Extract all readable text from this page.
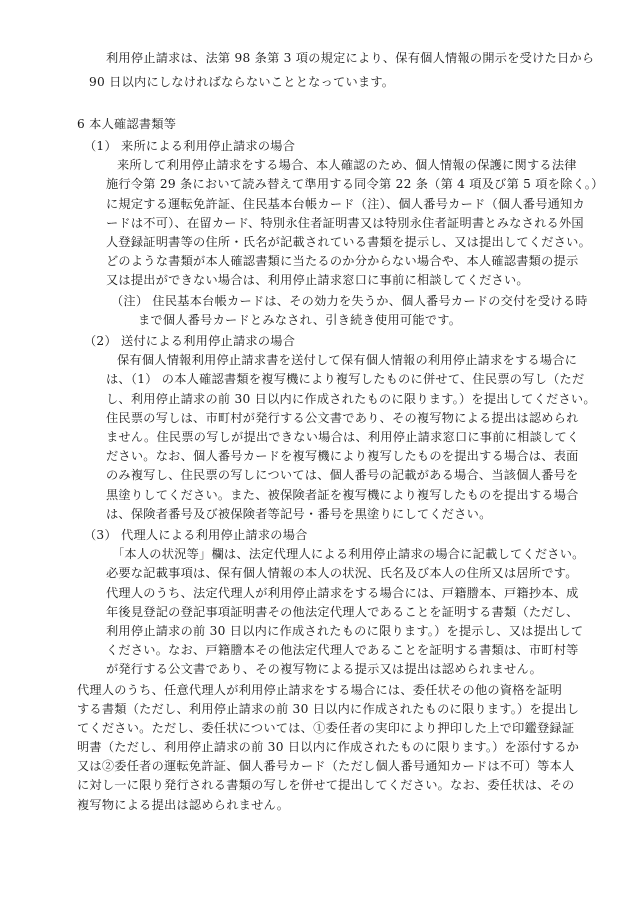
利用停止請求は、法第 98 条第 3 項の規定により、保有個人情報の開示を受けた日から
90 日以内にしなければならないこととなっています。
6 本人確認書類等
（1） 来所による利用停止請求の場合
来所して利用停止請求をする場合、本人確認のため、個人情報の保護に関する法律
施行令第 29 条において読み替えて準用する同令第 22 条（第 4 項及び第 5 項を除く。）
に規定する運転免許証、住民基本台帳カード（注）、個人番号カード（個人番号通知カ
ードは不可）、在留カード、特別永住者証明書又は特別永住者証明書とみなされる外国
人登録証明書等の住所・氏名が記載されている書類を提示し、又は提出してください。
どのような書類が本人確認書類に当たるのか分からない場合や、本人確認書類の提示
又は提出ができない場合は、利用停止請求窓口に事前に相談してください。
（注） 住民基本台帳カードは、その効力を失うか、個人番号カードの交付を受ける時
まで個人番号カードとみなされ、引き続き使用可能です。
（2） 送付による利用停止請求の場合
保有個人情報利用停止請求書を送付して保有個人情報の利用停止請求をする場合に
は、（1） の本人確認書類を複写機により複写したものに併せて、住民票の写し（ただ
し、利用停止請求の前 30 日以内に作成されたものに限ります。）を提出してください。
住民票の写しは、市町村が発行する公文書であり、その複写物による提出は認められ
ません。住民票の写しが提出できない場合は、利用停止請求窓口に事前に相談してく
ださい。なお、個人番号カードを複写機により複写したものを提出する場合は、表面
のみ複写し、住民票の写しについては、個人番号の記載がある場合、当該個人番号を
黒塗りしてください。また、被保険者証を複写機により複写したものを提出する場合
は、保険者番号及び被保険者等記号・番号を黒塗りにしてください。
（3） 代理人による利用停止請求の場合
「本人の状況等」欄は、法定代理人による利用停止請求の場合に記載してください。
必要な記載事項は、保有個人情報の本人の状況、氏名及び本人の住所又は居所です。
代理人のうち、法定代理人が利用停止請求をする場合には、戸籍謄本、戸籍抄本、成
年後見登記の登記事項証明書その他法定代理人であることを証明する書類（ただし、
利用停止請求の前 30 日以内に作成されたものに限ります。）を提示し、又は提出して
ください。なお、戸籍謄本その他法定代理人であることを証明する書類は、市町村等
が発行する公文書であり、その複写物による提示又は提出は認められません。
代理人のうち、任意代理人が利用停止請求をする場合には、委任状その他の資格を証明
する書類（ただし、利用停止請求の前 30 日以内に作成されたものに限ります。）を提出し
てください。ただし、委任状については、①委任者の実印により押印した上で印鑑登録証
明書（ただし、利用停止請求の前 30 日以内に作成されたものに限ります。）を添付するか
又は②委任者の運転免許証、個人番号カード（ただし個人番号通知カードは不可）等本人
に対し一に限り発行される書類の写しを併せて提出してください。なお、委任状は、その
複写物による提出は認められません。
